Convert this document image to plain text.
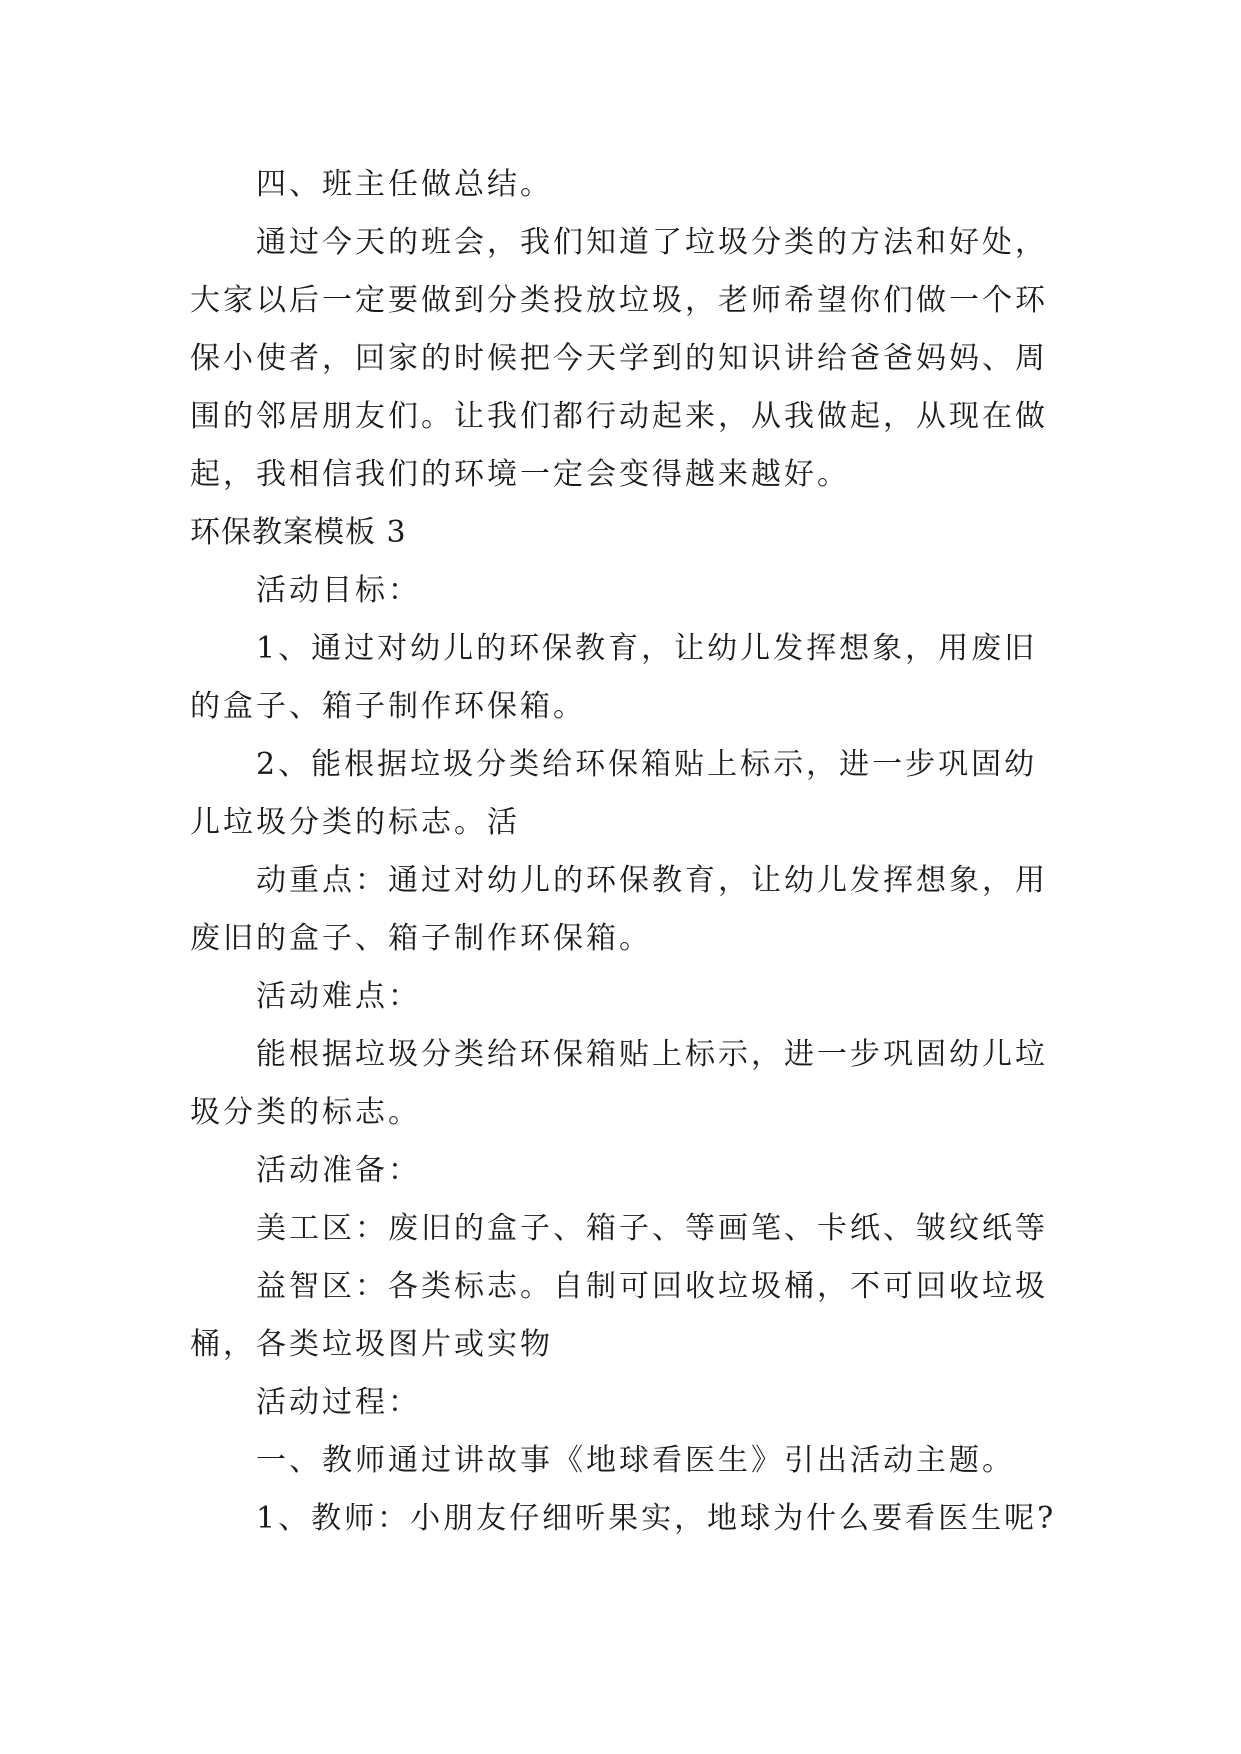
四、班主任做总结。
通过今天的班会，我们知道了垃圾分类的方法和好处，
大家以后一定要做到分类投放垃圾，老师希望你们做一个环
保小使者，回家的时候把今天学到的知识讲给爸爸妈妈、周
围的邻居朋友们。让我们都行动起来，从我做起，从现在做
起，我相信我们的环境一定会变得越来越好。
环保教案模板 3
活动目标：
1、通过对幼儿的环保教育，让幼儿发挥想象，用废旧
的盒子、箱子制作环保箱。
2、能根据垃圾分类给环保箱贴上标示，进一步巩固幼
儿垃圾分类的标志。活
动重点：通过对幼儿的环保教育，让幼儿发挥想象，用
废旧的盒子、箱子制作环保箱。
活动难点：
能根据垃圾分类给环保箱贴上标示，进一步巩固幼儿垃
圾分类的标志。
活动准备：
美工区：废旧的盒子、箱子、等画笔、卡纸、皱纹纸等
益智区：各类标志。自制可回收垃圾桶，不可回收垃圾
桶，各类垃圾图片或实物
活动过程：
一、教师通过讲故事《地球看医生》引出活动主题。
1、教师：小朋友仔细听果实，地球为什么要看医生呢?
